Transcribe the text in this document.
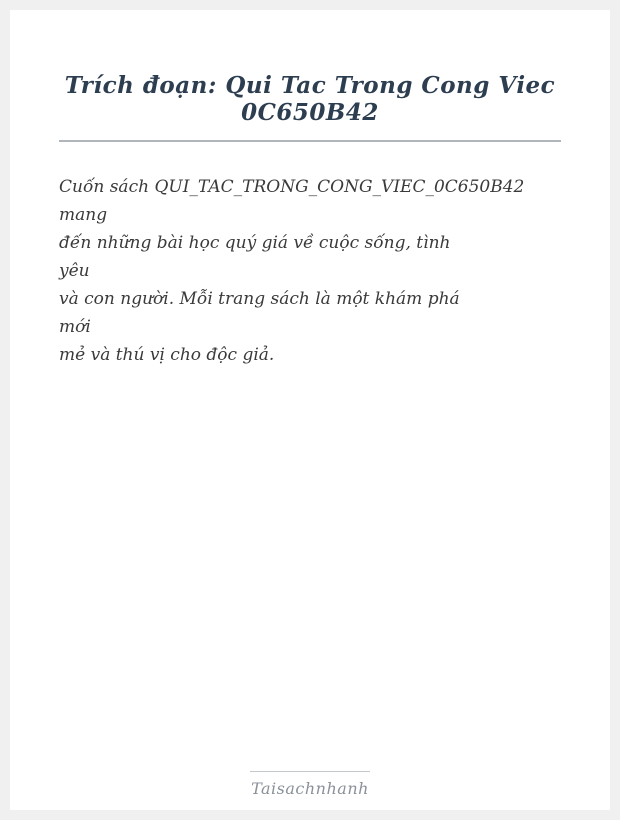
Trích đoạn: Qui Tac Trong Cong Viec 0C650B42
Cuốn sách QUI_TAC_TRONG_CONG_VIEC_0C650B42
mang
đến những bài học quý giá về cuộc sống, tình
yêu
và con người. Mỗi trang sách là một khám phá
mới
mẻ và thú vị cho độc giả.
Taisachnhanh
